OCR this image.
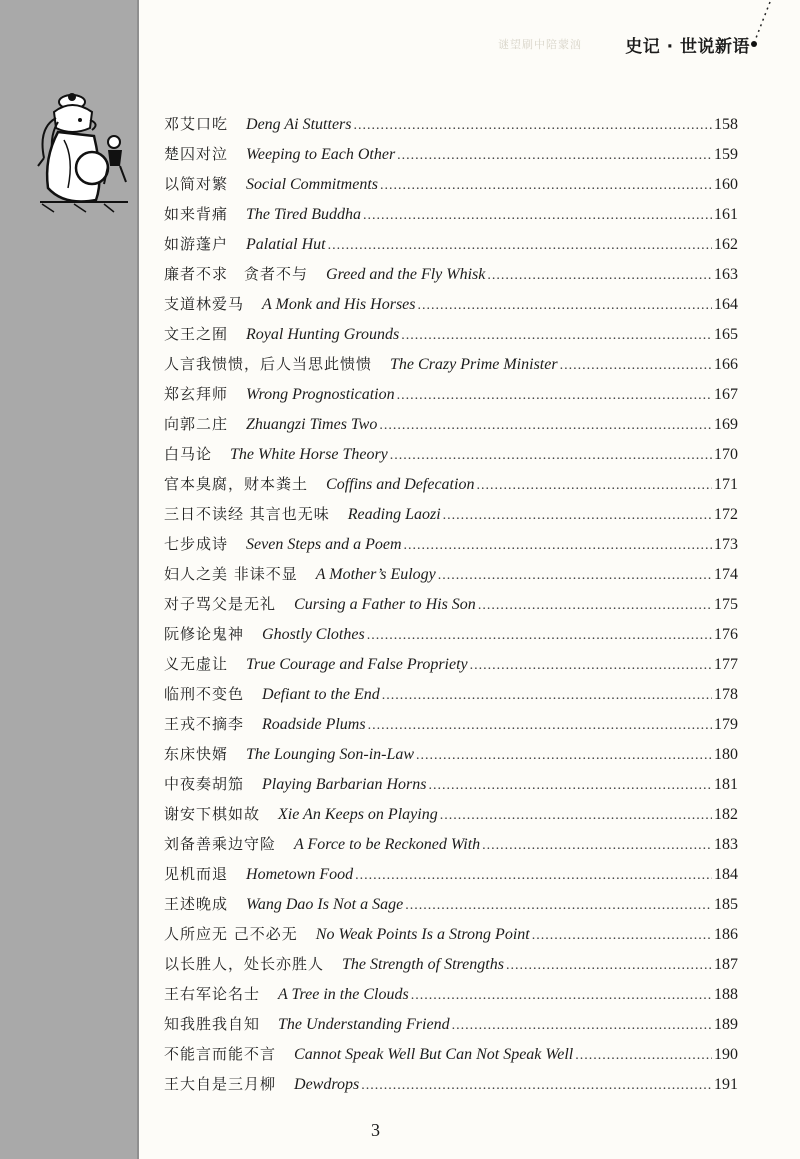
谜望刷中陪蒙汹	史记 · 世说新语
邓艾口吃 Deng Ai Stutters .....	158
楚囚对泣 Weeping to Each Other .....	159
以简对繁 Social Commitments .....	160
如来背痛 The Tired Buddha .....	161
如游蓬户 Palatial Hut .....	162
廉者不求　贪者不与 Greed and the Fly Whisk .....	163
支道林爱马 A Monk and His Horses .....	164
文王之囿 Royal Hunting Grounds .....	165
人言我愦愦，后人当思此愦愦 The Crazy Prime Minister .....	166
郑玄拜师 Wrong Prognostication .....	167
向郭二庄 Zhuangzi Times Two .....	169
白马论 The White Horse Theory .....	170
官本臭腐，财本粪土 Coffins and Defecation .....	171
三日不读经 其言也无味 Reading Laozi .....	172
七步成诗 Seven Steps and a Poem .....	173
妇人之美 非诔不显 A Mother’s Eulogy .....	174
对子骂父是无礼 Cursing a Father to His Son .....	175
阮修论鬼神 Ghostly Clothes .....	176
义无虚让 True Courage and False Propriety .....	177
临刑不变色 Defiant to the End .....	178
王戎不摘李 Roadside Plums .....	179
东床快婿 The Lounging Son-in-Law .....	180
中夜奏胡笳 Playing Barbarian Horns .....	181
谢安下棋如故 Xie An Keeps on Playing .....	182
刘备善乘边守险 A Force to be Reckoned With .....	183
见机而退 Hometown Food .....	184
王述晚成 Wang Dao Is Not a Sage .....	185
人所应无 己不必无 No Weak Points Is a Strong Point .....	186
以长胜人，处长亦胜人 The Strength of Strengths .....	187
王右军论名士 A Tree in the Clouds .....	188
知我胜我自知 The Understanding Friend .....	189
不能言而能不言 Cannot Speak Well But Can Not Speak Well .....	190
王大自是三月柳 Dewdrops .....	191
3
